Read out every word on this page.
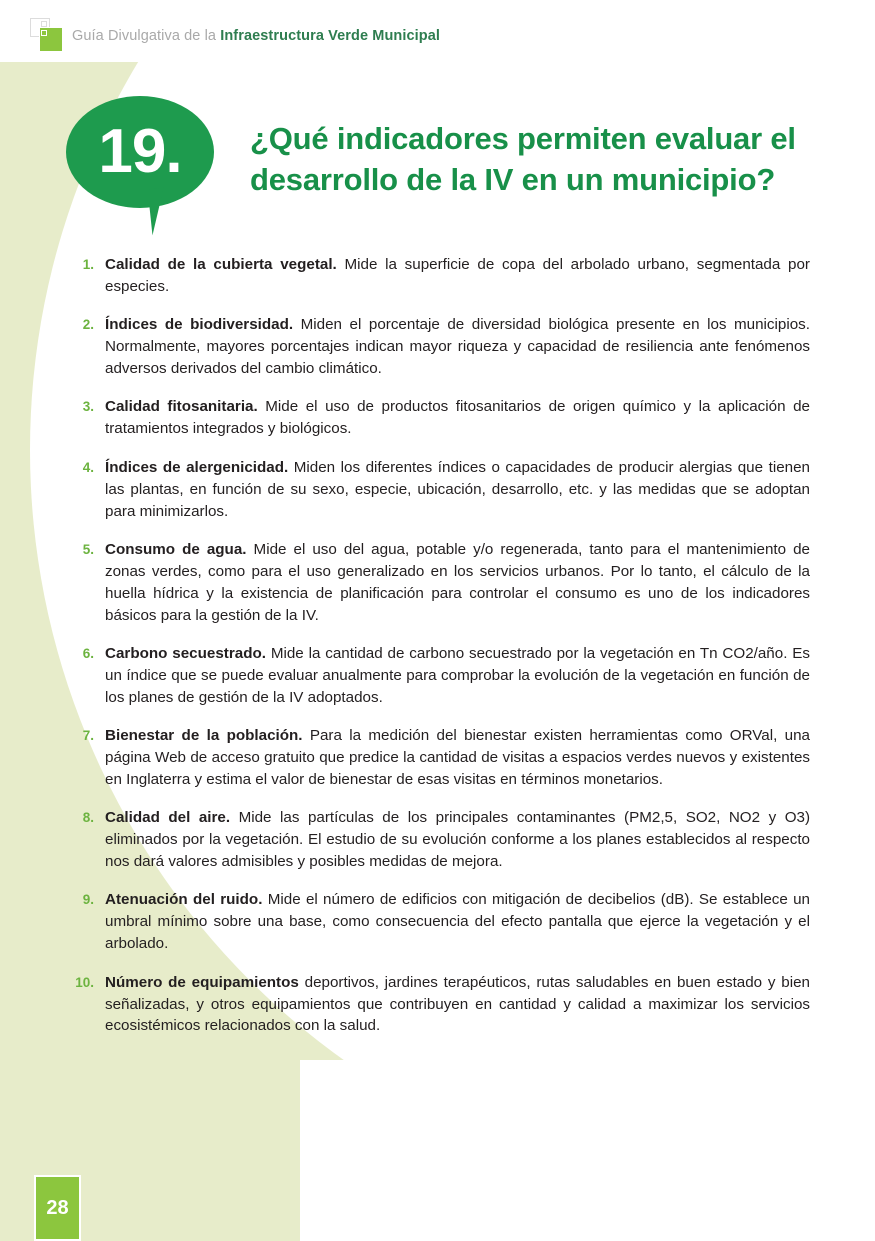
Guía Divulgativa de la Infraestructura Verde Municipal
19.	¿Qué indicadores permiten evaluar el desarrollo de la IV en un municipio?
1. Calidad de la cubierta vegetal. Mide la superficie de copa del arbolado urbano, segmentada por especies.
2. Índices de biodiversidad. Miden el porcentaje de diversidad biológica presente en los municipios. Normalmente, mayores porcentajes indican mayor riqueza y capacidad de resiliencia ante fenómenos adversos derivados del cambio climático.
3. Calidad fitosanitaria. Mide el uso de productos fitosanitarios de origen químico y la aplicación de tratamientos integrados y biológicos.
4. Índices de alergenicidad. Miden los diferentes índices o capacidades de producir alergias que tienen las plantas, en función de su sexo, especie, ubicación, desarrollo, etc. y las medidas que se adoptan para minimizarlos.
5. Consumo de agua. Mide el uso del agua, potable y/o regenerada, tanto para el mantenimiento de zonas verdes, como para el uso generalizado en los servicios urbanos. Por lo tanto, el cálculo de la huella hídrica y la existencia de planificación para controlar el consumo es uno de los indicadores básicos para la gestión de la IV.
6. Carbono secuestrado. Mide la cantidad de carbono secuestrado por la vegetación en Tn CO2/año. Es un índice que se puede evaluar anualmente para comprobar la evolución de la vegetación en función de los planes de gestión de la IV adoptados.
7. Bienestar de la población. Para la medición del bienestar existen herramientas como ORVal, una página Web de acceso gratuito que predice la cantidad de visitas a espacios verdes nuevos y existentes en Inglaterra y estima el valor de bienestar de esas visitas en términos monetarios.
8. Calidad del aire. Mide las partículas de los principales contaminantes (PM2,5, SO2, NO2 y O3) eliminados por la vegetación. El estudio de su evolución conforme a los planes establecidos al respecto nos dará valores admisibles y posibles medidas de mejora.
9. Atenuación del ruido. Mide el número de edificios con mitigación de decibelios (dB). Se establece un umbral mínimo sobre una base, como consecuencia del efecto pantalla que ejerce la vegetación y el arbolado.
10. Número de equipamientos deportivos, jardines terapéuticos, rutas saludables en buen estado y bien señalizadas, y otros equipamientos que contribuyen en cantidad y calidad a maximizar los servicios ecosistémicos relacionados con la salud.
28
